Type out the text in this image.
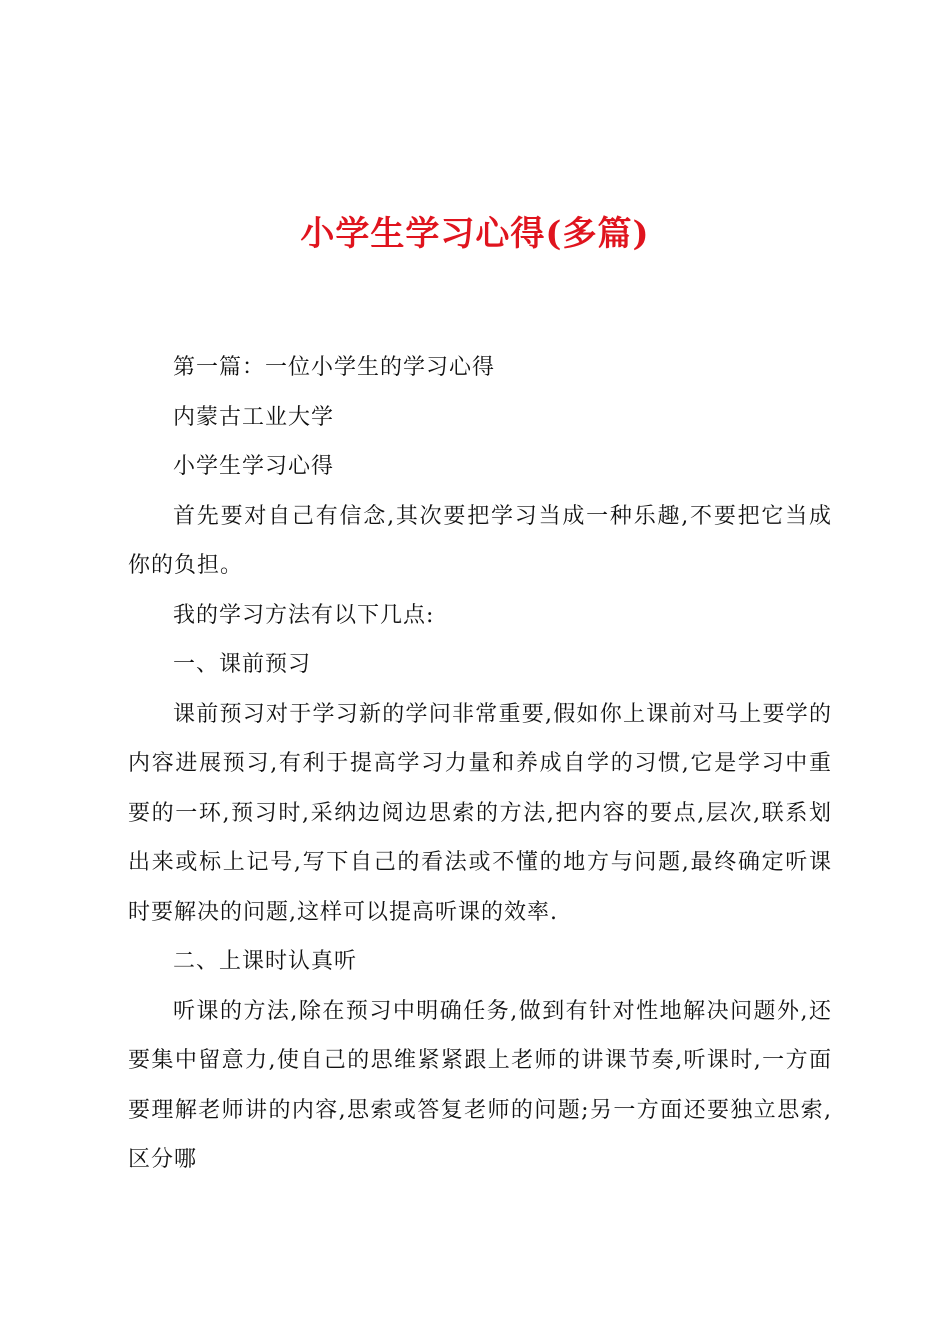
小学生学习心得(多篇)

第一篇：一位小学生的学习心得

内蒙古工业大学

小学生学习心得

首先要对自己有信念,其次要把学习当成一种乐趣,不要把它当成你的负担。

我的学习方法有以下几点:

一、课前预习

课前预习对于学习新的学问非常重要,假如你上课前对马上要学的内容进展预习,有利于提高学习力量和养成自学的习惯,它是学习中重要的一环,预习时,采纳边阅边思索的方法,把内容的要点,层次,联系划出来或标上记号,写下自己的看法或不懂的地方与问题,最终确定听课时要解决的问题,这样可以提高听课的效率.

二、上课时认真听

听课的方法,除在预习中明确任务,做到有针对性地解决问题外,还要集中留意力,使自己的思维紧紧跟上老师的讲课节奏,听课时,一方面要理解老师讲的内容,思索或答复老师的问题;另一方面还要独立思索,区分哪
